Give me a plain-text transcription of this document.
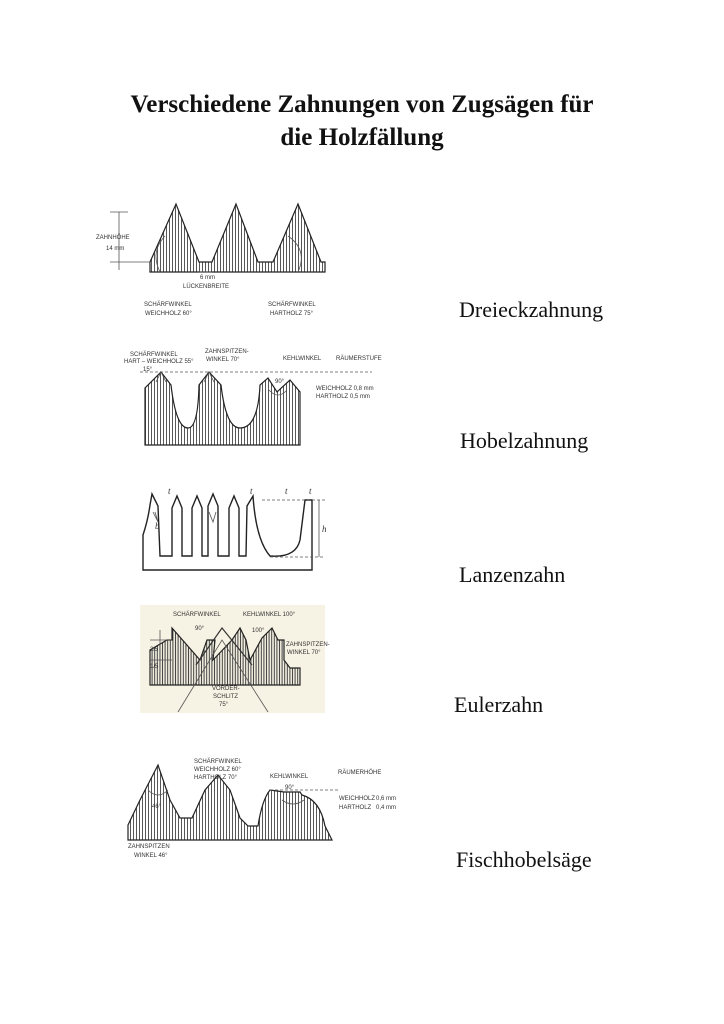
Verschiedene Zahnungen von Zugsägen für
die Holzfällung
ZAHNHÖHE
14 mm
6 mm
LÜCKENBREITE
SCHÄRFWINKEL
WEICHHOLZ 60°
SCHÄRFWINKEL
HARTHOLZ 75°
SCHÄRFWINKEL
HART – WEICHHOLZ 55°
15°
ZAHNSPITZEN-
WINKEL 70°	KEHLWINKEL
90°
RÄUMERSTUFE
WEICHHOLZ 0,8 mm
HARTHOLZ 0,5 mm
t	t	t t
h
b
SCHÄRFWINKEL
90°
KEHLWINKEL 100°
100°
ZAHNSPITZEN-
WINKEL 70°
2/5
1/5
VORDER-
SCHLITZ
75°
SCHÄRFWINKEL
WEICHHOLZ 60°
HARTHOLZ 70°	KEHLWINKEL
90°
RÄUMERHÖHE
WEICHHOLZ 0,6 mm
HARTHOLZ 0,4 mm
ZAHNSPITZEN
WINKEL 46°
46°
Dreieckzahnung
Hobelzahnung
Lanzenzahn
Eulerzahn
Fischhobelsäge
